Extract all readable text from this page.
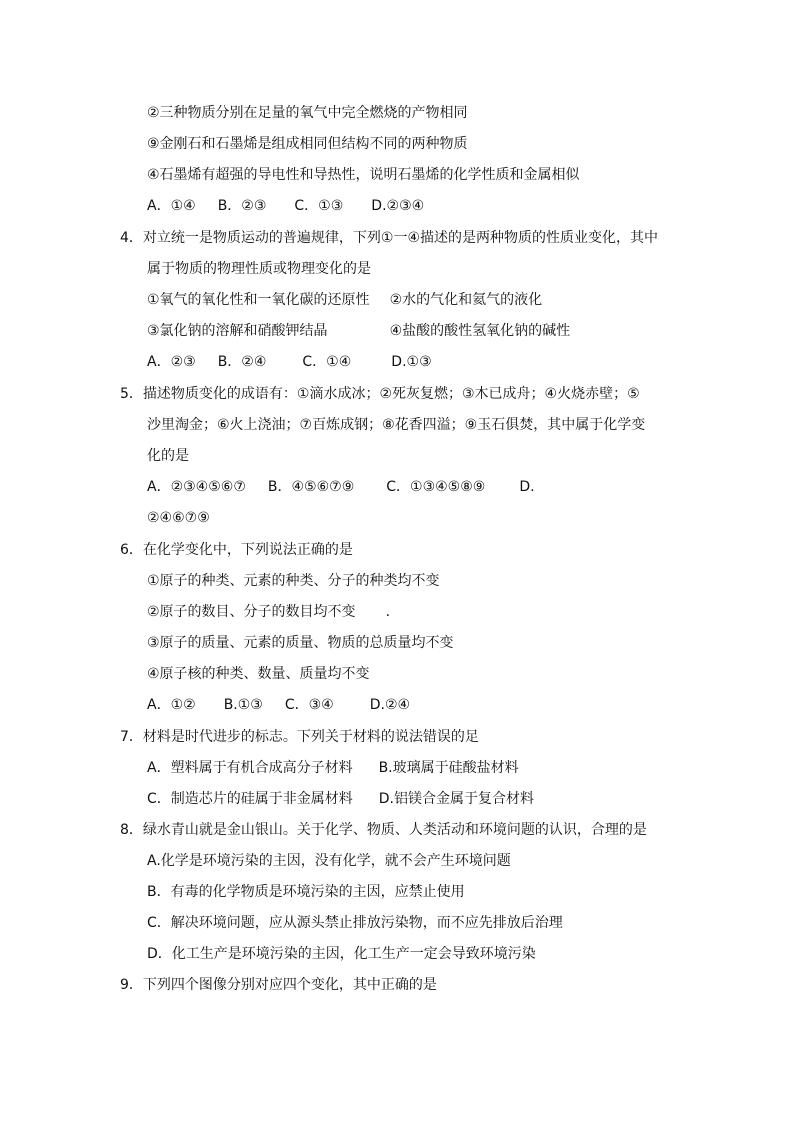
②三种物质分别在足量的氧气中完全燃烧的产物相同
⑨金刚石和石墨烯是组成相同但结构不同的两种物质
④石墨烯有超强的导电性和导热性，说明石墨烯的化学性质和金属相似
A．①④ B．②③ C．①③ D.②③④
4．对立统一是物质运动的普遍规律，下列①一④描述的是两种物质的性质业变化，其中
属于物质的物理性质或物理变化的是
①氧气的氧化性和一氧化碳的还原性 ②水的气化和氦气的液化
③氯化钠的溶解和硝酸钾结晶	④盐酸的酸性氢氧化钠的碱性
A．②③ B．②④	C．①④	D.①③
5．描述物质变化的成语有：①滴水成冰；②死灰复燃；③木已成舟；④火烧赤壁；⑤
沙里淘金；⑥火上浇油；⑦百炼成钢；⑧花香四溢；⑨玉石俱焚，其中属于化学变
化的是
A．②③④⑤⑥⑦ B．④⑤⑥⑦⑨ C．①③④⑤⑧⑨ D.
②④⑥⑦⑨
6．在化学变化中，下列说法正确的是
①原子的种类、元素的种类、分子的种类均不变
②原子的数目、分子的数目均不变 .
③原子的质量、元素的质量、物质的总质量均不变
④原子核的种类、数量、质量均不变
A．①② B.①③ C．③④	D.②④
7．材料是时代进步的标志。下列关于材料的说法错误的足
A．塑料属于有机合成高分子材料 B.玻璃属于硅酸盐材料
C．制造芯片的硅属于非金属材料 D.铝镁合金属于复合材料
8．绿水青山就是金山银山。关于化学、物质、人类活动和环境问题的认识，合理的是
A.化学是环境污染的主因，没有化学，就不会产生环境问题
B．有毒的化学物质是环境污染的主因，应禁止使用
C．解决环境问题，应从源头禁止排放污染物，而不应先排放后治理
D．化工生产是环境污染的主因，化工生产一定会导致环境污染
9．下列四个图像分别对应四个变化，其中正确的是
